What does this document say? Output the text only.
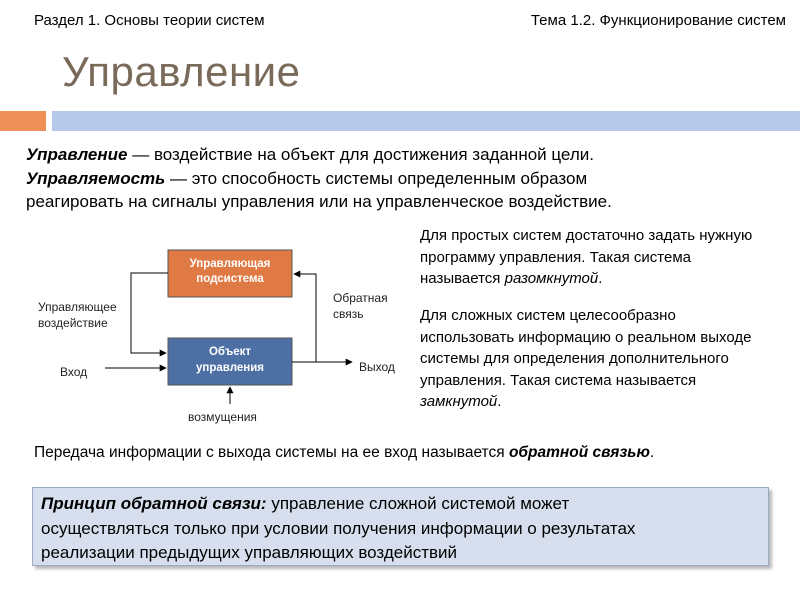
Раздел 1. Основы теории систем	Тема 1.2. Функционирование систем
Управление
Управление — воздействие на объект для достижения заданной цели.
Управляемость — это способность системы определенным образом
реагировать на сигналы управления или на управленческое воздействие.
Для простых систем достаточно задать нужную программу управления. Такая система называется разомкнутой.
Для сложных систем целесообразно использовать информацию о реальном выходе системы для определения дополнительного управления. Такая система называется замкнутой.
Управляющая
подсистема
Объект
управления
Управляющее
воздействие
Обратная
связь
Вход	Выход
возмущения
Передача информации с выхода системы на ее вход называется обратной связью.
Принцип обратной связи: управление сложной системой может
осуществляться только при условии получения информации о результатах
реализации предыдущих управляющих воздействий
